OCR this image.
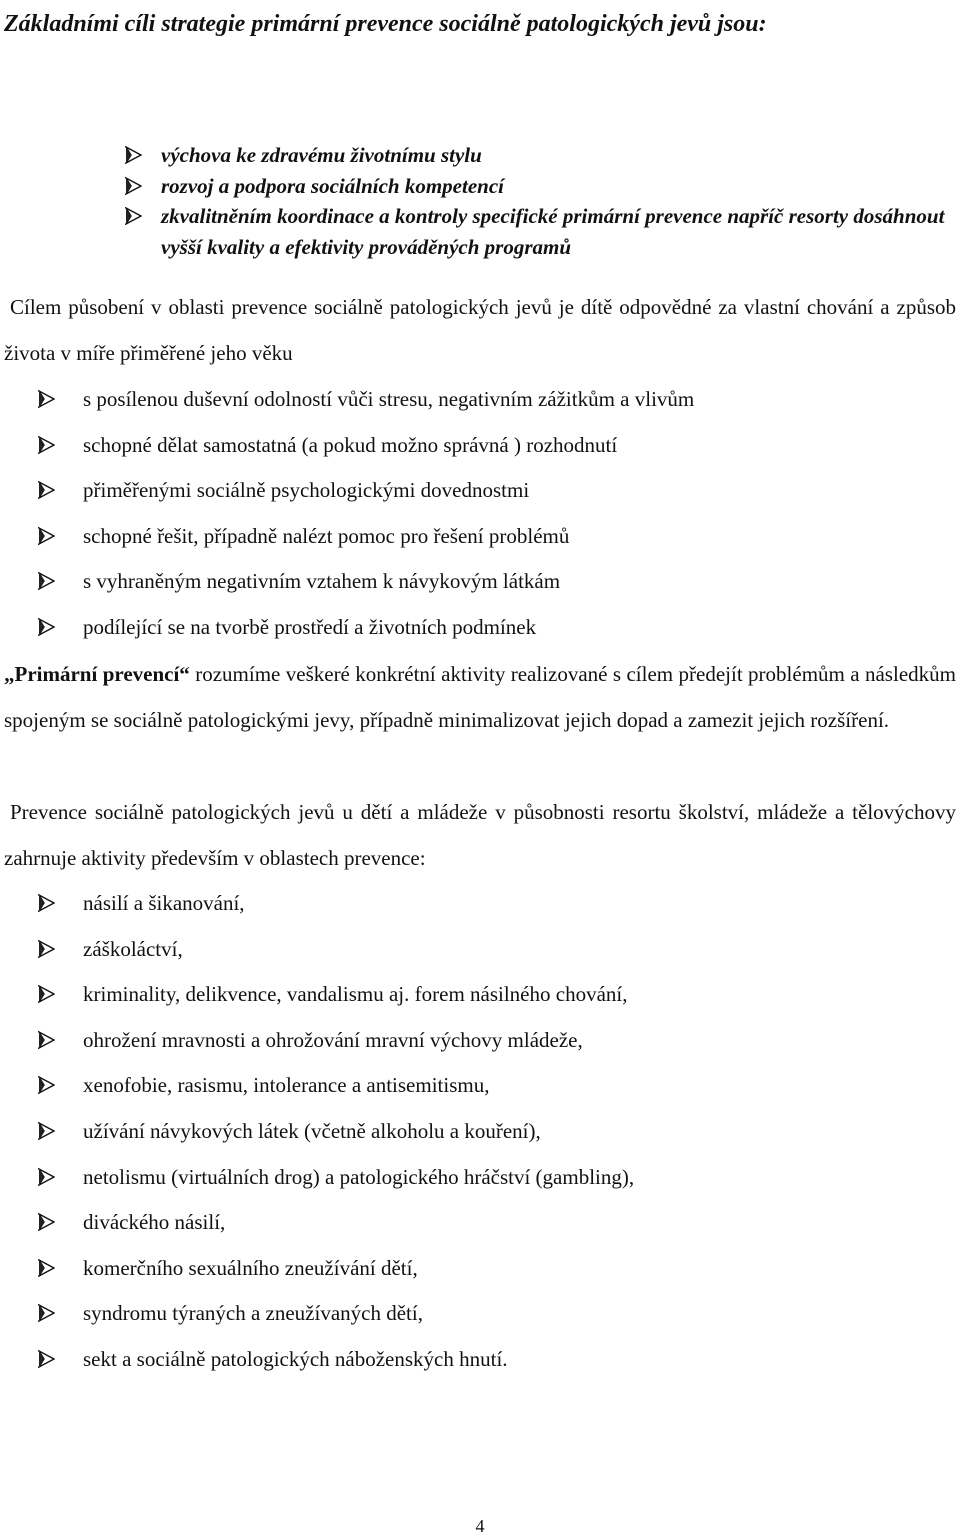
Základními cíli strategie primární prevence sociálně patologických jevů jsou:
výchova ke zdravému životnímu stylu
rozvoj a podpora sociálních kompetencí
zkvalitněním koordinace a kontroly specifické primární prevence napříč resorty dosáhnout vyšší kvality a efektivity prováděných programů

Cílem působení v oblasti prevence sociálně patologických jevů je dítě odpovědné za vlastní chování a způsob života v míře přiměřené jeho věku

s posílenou duševní odolností vůči stresu, negativním zážitkům a vlivům
schopné dělat samostatná (a pokud možno správná ) rozhodnutí
přiměřenými sociálně psychologickými dovednostmi
schopné řešit, případně nalézt pomoc pro řešení problémů
s vyhraněným negativním vztahem k návykovým látkám
podílející se na tvorbě prostředí a životních podmínek

„Primární prevencí“ rozumíme veškeré konkrétní aktivity realizované s cílem předejít problémům a následkům spojeným se sociálně patologickými jevy, případně minimalizovat jejich dopad a zamezit jejich rozšíření.

Prevence sociálně patologických jevů u dětí a mládeže v působnosti resortu školství, mládeže a tělovýchovy zahrnuje aktivity především v oblastech prevence:

násilí a šikanování,
záškoláctví,
kriminality, delikvence, vandalismu aj. forem násilného chování,
ohrožení mravnosti a ohrožování mravní výchovy mládeže,
xenofobie, rasismu, intolerance a antisemitismu,
užívání návykových látek (včetně alkoholu a kouření),
netolismu (virtuálních drog) a patologického hráčství (gambling),
diváckého násilí,
komerčního sexuálního zneužívání dětí,
syndromu týraných a zneužívaných dětí,
sekt a sociálně patologických náboženských hnutí.
4
